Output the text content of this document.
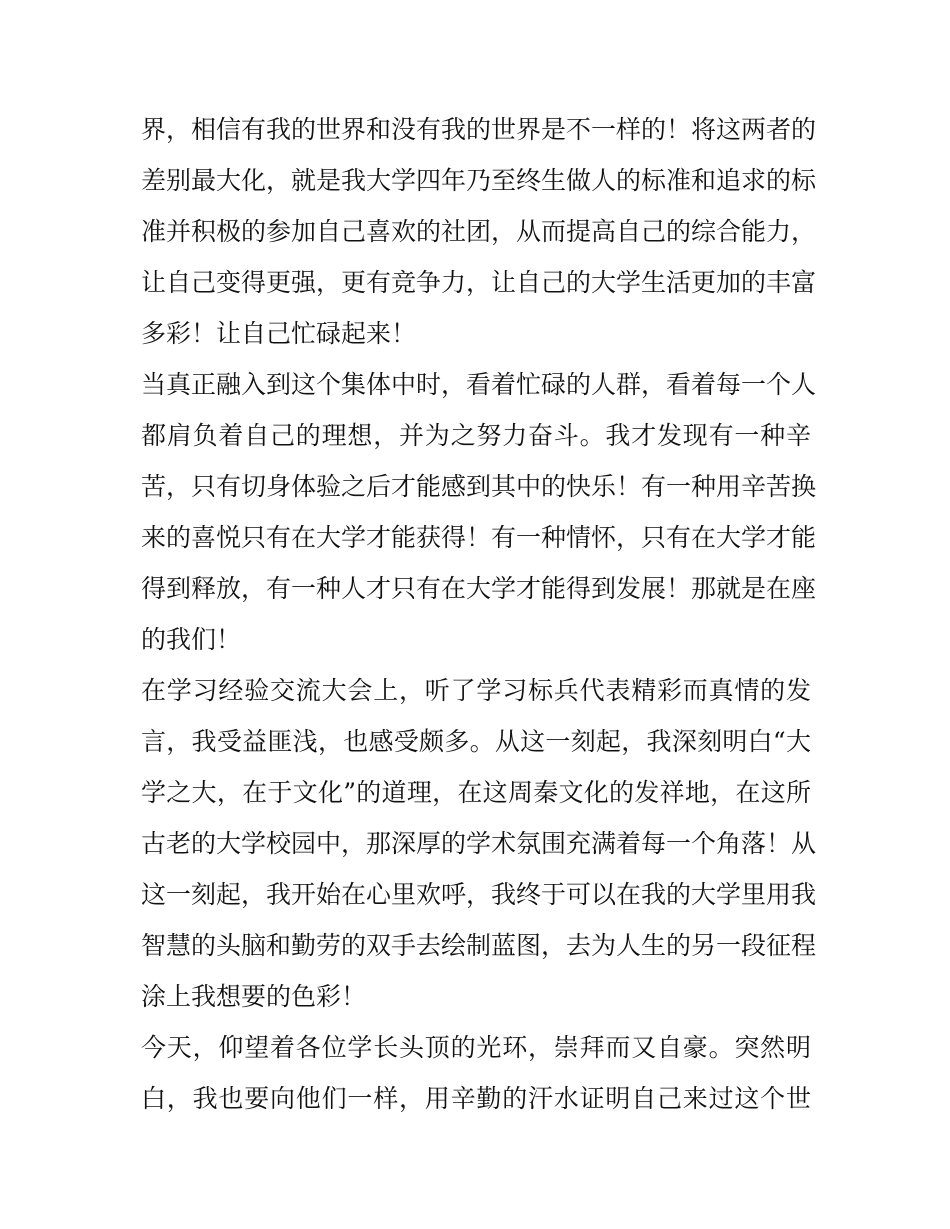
界，相信有我的世界和没有我的世界是不一样的！将这两者的
差别最大化，就是我大学四年乃至终生做人的标准和追求的标
准并积极的参加自己喜欢的社团，从而提高自己的综合能力，
让自己变得更强，更有竞争力，让自己的大学生活更加的丰富
多彩！让自己忙碌起来！
当真正融入到这个集体中时，看着忙碌的人群，看着每一个人
都肩负着自己的理想，并为之努力奋斗。我才发现有一种辛
苦，只有切身体验之后才能感到其中的快乐！有一种用辛苦换
来的喜悦只有在大学才能获得！有一种情怀，只有在大学才能
得到释放，有一种人才只有在大学才能得到发展！那就是在座
的我们！
在学习经验交流大会上，听了学习标兵代表精彩而真情的发
言，我受益匪浅，也感受颇多。从这一刻起，我深刻明白“大
学之大，在于文化”的道理，在这周秦文化的发祥地，在这所
古老的大学校园中，那深厚的学术氛围充满着每一个角落！从
这一刻起，我开始在心里欢呼，我终于可以在我的大学里用我
智慧的头脑和勤劳的双手去绘制蓝图，去为人生的另一段征程
涂上我想要的色彩！
今天，仰望着各位学长头顶的光环，崇拜而又自豪。突然明
白，我也要向他们一样，用辛勤的汗水证明自己来过这个世
